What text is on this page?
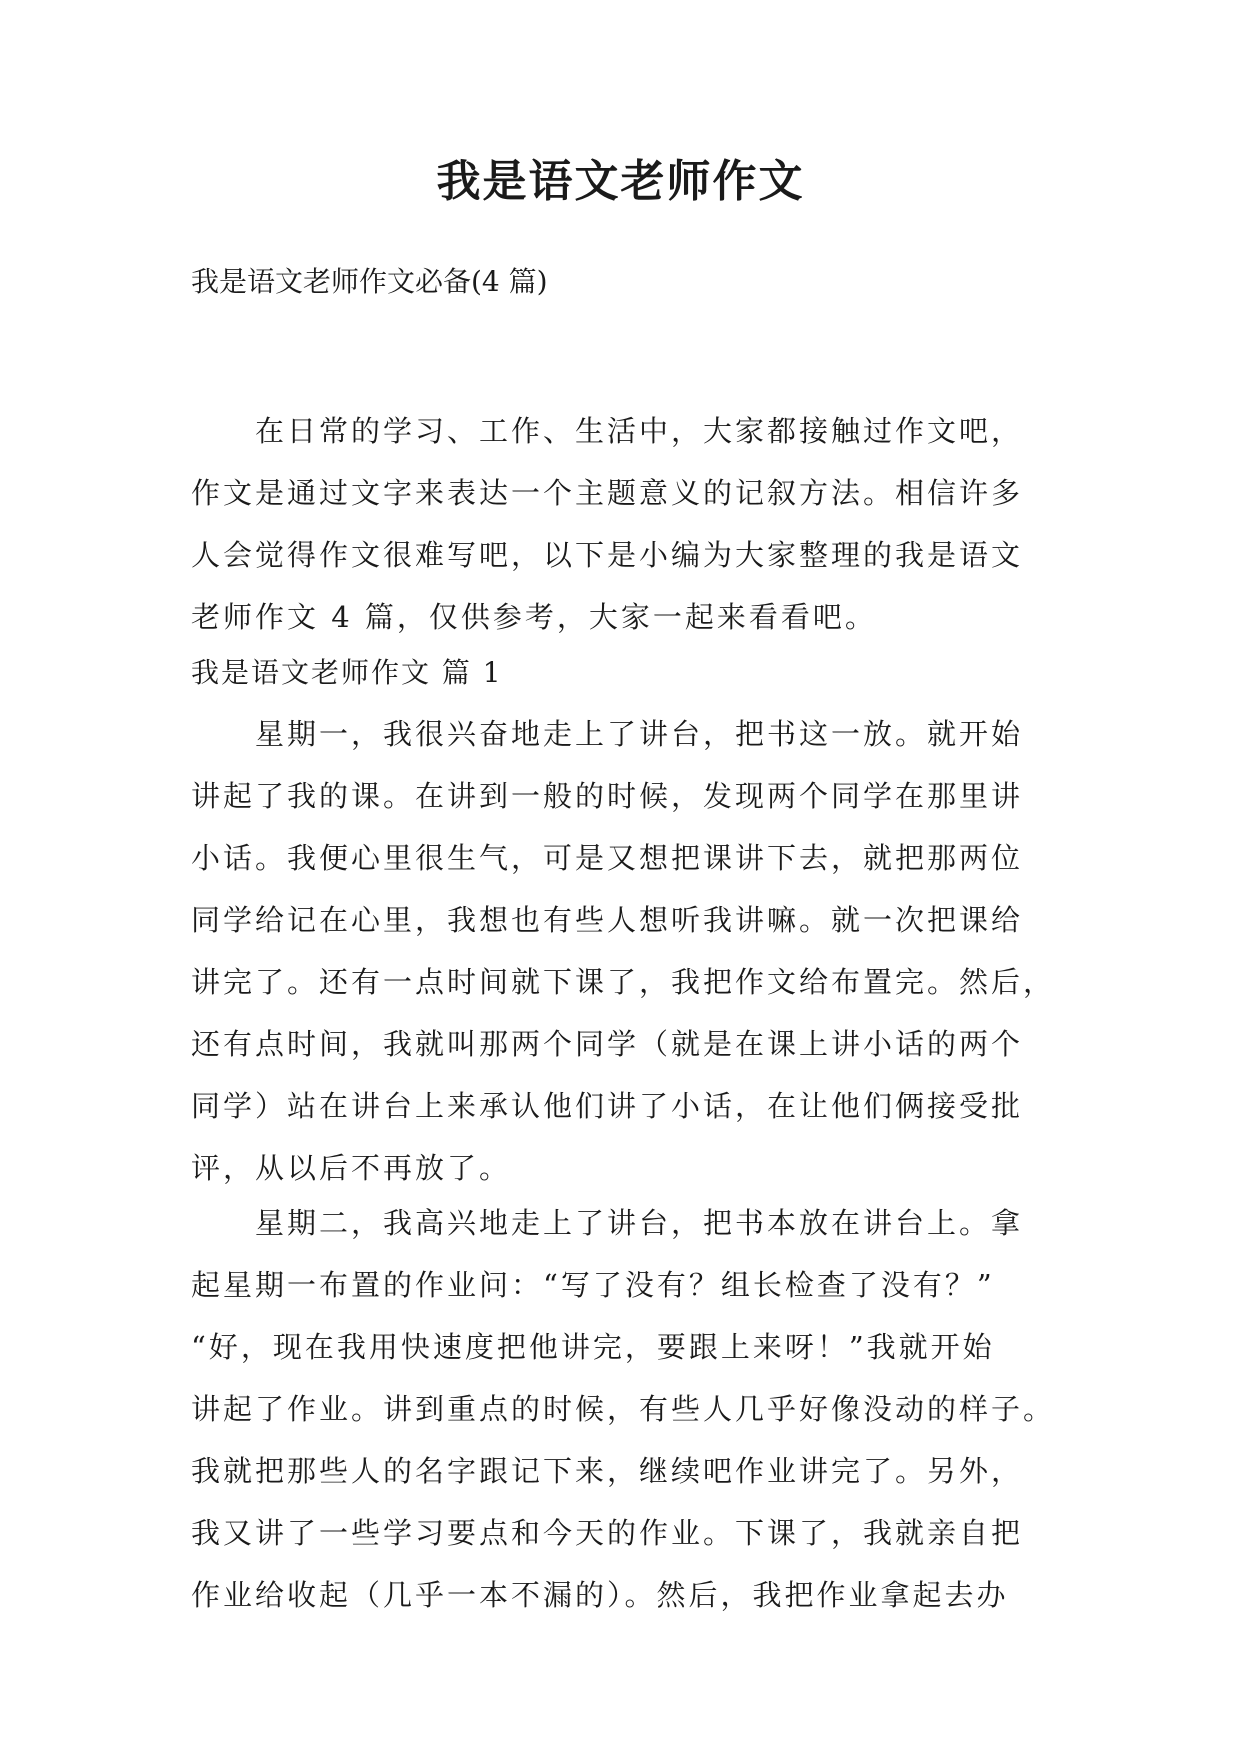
我是语文老师作文
我是语文老师作文必备(4 篇)
　　在日常的学习、工作、生活中，大家都接触过作文吧，
作文是通过文字来表达一个主题意义的记叙方法。相信许多
人会觉得作文很难写吧，以下是小编为大家整理的我是语文
老师作文 4 篇，仅供参考，大家一起来看看吧。
我是语文老师作文 篇 1
　　星期一，我很兴奋地走上了讲台，把书这一放。就开始
讲起了我的课。在讲到一般的时候，发现两个同学在那里讲
小话。我便心里很生气，可是又想把课讲下去，就把那两位
同学给记在心里，我想也有些人想听我讲嘛。就一次把课给
讲完了。还有一点时间就下课了，我把作文给布置完。然后，
还有点时间，我就叫那两个同学（就是在课上讲小话的两个
同学）站在讲台上来承认他们讲了小话，在让他们俩接受批
评，从以后不再放了。
　　星期二，我高兴地走上了讲台，把书本放在讲台上。拿
起星期一布置的作业问：“写了没有？组长检查了没有？”
“好，现在我用快速度把他讲完，要跟上来呀！”我就开始
讲起了作业。讲到重点的时候，有些人几乎好像没动的样子。
我就把那些人的名字跟记下来，继续吧作业讲完了。另外，
我又讲了一些学习要点和今天的作业。下课了，我就亲自把
作业给收起（几乎一本不漏的）。然后，我把作业拿起去办
